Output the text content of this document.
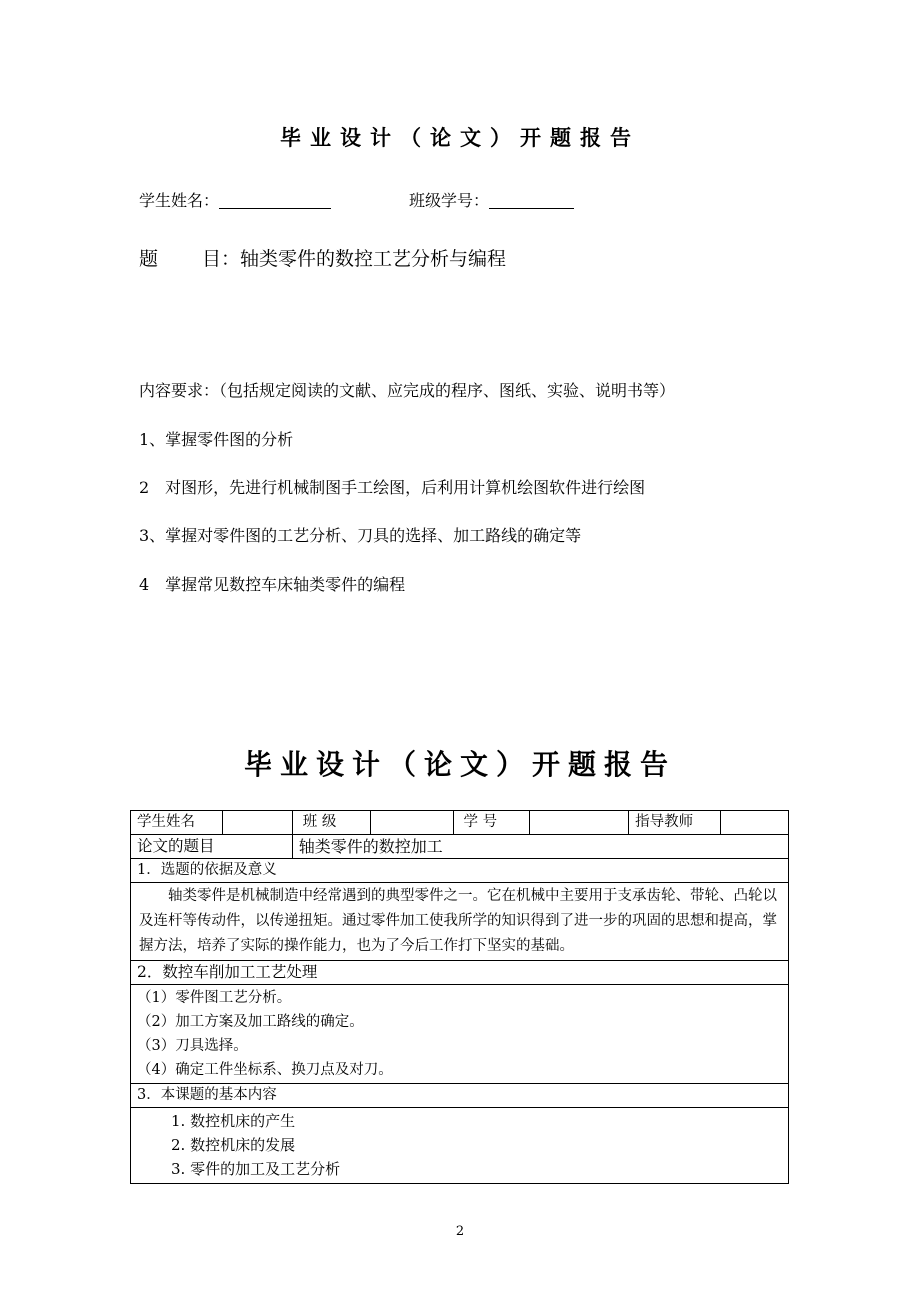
毕业设计（论文）开题报告
学生姓名：	班级学号：
题 目：轴类零件的数控工艺分析与编程
内容要求：（包括规定阅读的文献、应完成的程序、图纸、实验、说明书等）
1、掌握零件图的分析
2　对图形，先进行机械制图手工绘图，后利用计算机绘图软件进行绘图
3、掌握对零件图的工艺分析、刀具的选择、加工路线的确定等
4　掌握常见数控车床轴类零件的编程
毕业设计（论文）开题报告
学生姓名		班 级		学 号		指导教师	
论文的题目		轴类零件的数控加工					
1．选题的依据及意义							
轴类零件是机械制造中经常遇到的典型零件之一。它在机械中主要用于支承齿轮、带轮、凸轮以及连杆等传动件，以传递扭矩。通过零件加工使我所学的知识得到了进一步的巩固的思想和提高，掌握方法，培养了实际的操作能力，也为了今后工作打下坚实的基础。							
2．数控车削加工工艺处理							

（1）零件图工艺分析。
（2）加工方案及加工路线的确定。
（3）刀具选择。
（4）确定工件坐标系、换刀点及对刀。							

3．本课题的基本内容							

1. 数控机床的产生
2. 数控机床的发展
3. 零件的加工及工艺分析							
2
